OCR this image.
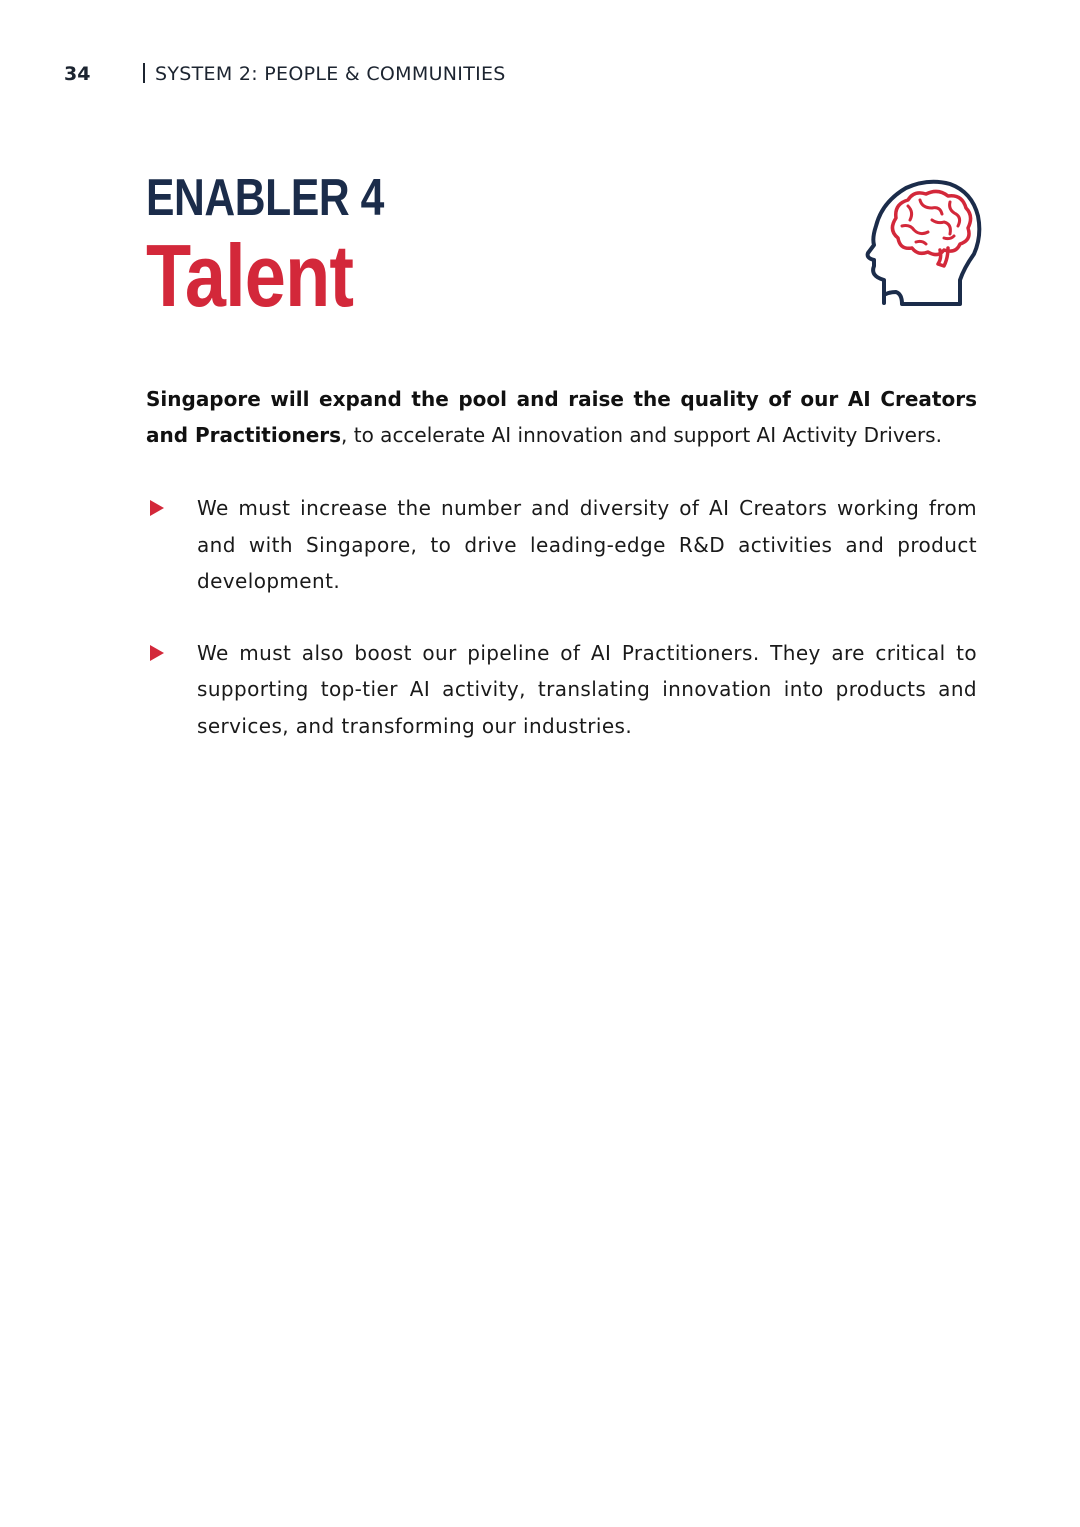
34	SYSTEM 2: PEOPLE & COMMUNITIES
ENABLER 4
Talent

Singapore will expand the pool and raise the quality of our AI Creators and Practitioners, to accelerate AI innovation and support AI Activity Drivers.

We must increase the number and diversity of AI Creators working from and with Singapore, to drive leading-edge R&D activities and product development.
We must also boost our pipeline of AI Practitioners. They are critical to supporting top-tier AI activity, translating innovation into products and services, and transforming our industries.
